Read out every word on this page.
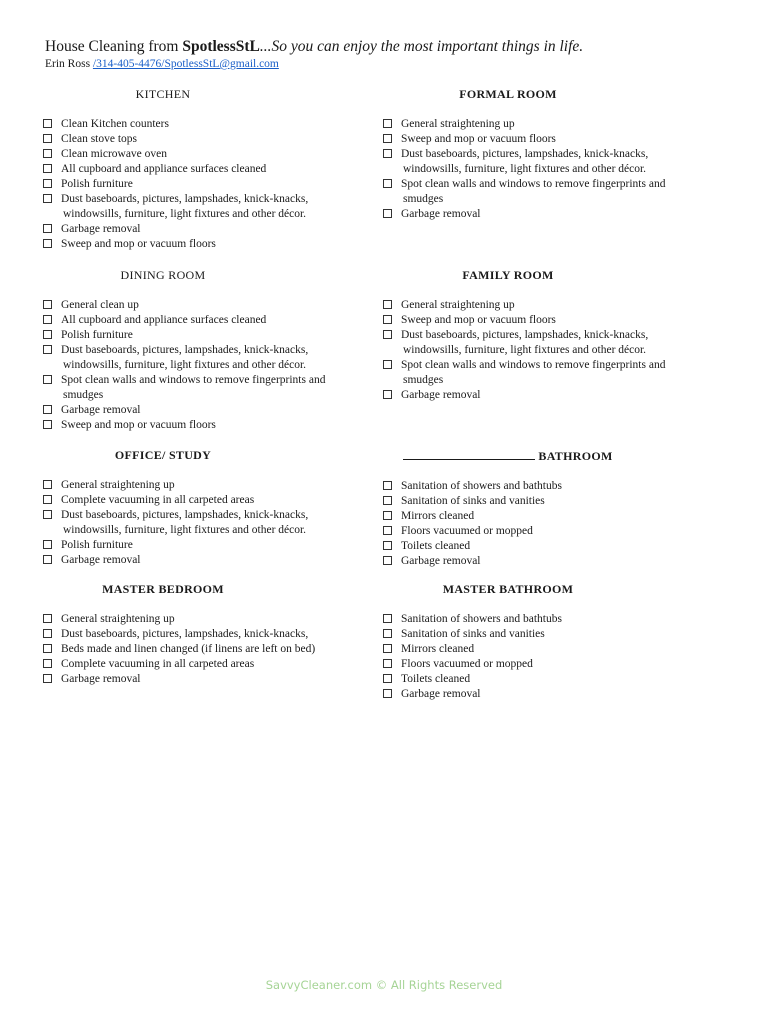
House Cleaning from SpotlessStL...So you can enjoy the most important things in life.
Erin Ross /314-405-4476/SpotlessStL@gmail.com
KITCHEN
Clean Kitchen counters
Clean stove tops
Clean microwave oven
All cupboard and appliance surfaces cleaned
Polish furniture
Dust baseboards, pictures, lampshades, knick-knacks, windowsills, furniture, light fixtures and other décor.
Garbage removal
Sweep and mop or vacuum floors
FORMAL ROOM
General straightening up
Sweep and mop or vacuum floors
Dust baseboards, pictures, lampshades, knick-knacks, windowsills, furniture, light fixtures and other décor.
Spot clean walls and windows to remove fingerprints and smudges
Garbage removal
DINING ROOM
General clean up
All cupboard and appliance surfaces cleaned
Polish furniture
Dust baseboards, pictures, lampshades, knick-knacks, windowsills, furniture, light fixtures and other décor.
Spot clean walls and windows to remove fingerprints and smudges
Garbage removal
Sweep and mop or vacuum floors
FAMILY ROOM
General straightening up
Sweep and mop or vacuum floors
Dust baseboards, pictures, lampshades, knick-knacks, windowsills, furniture, light fixtures and other décor.
Spot clean walls and windows to remove fingerprints and smudges
Garbage removal
OFFICE/ STUDY
General straightening up
Complete vacuuming in all carpeted areas
Dust baseboards, pictures, lampshades, knick-knacks, windowsills, furniture, light fixtures and other décor.
Polish furniture
Garbage removal
BATHROOM
Sanitation of showers and bathtubs
Sanitation of sinks and vanities
Mirrors cleaned
Floors vacuumed or mopped
Toilets cleaned
Garbage removal
MASTER BEDROOM
General straightening up
Dust baseboards, pictures, lampshades, knick-knacks,
Beds made and linen changed (if linens are left on bed)
Complete vacuuming in all carpeted areas
Garbage removal
MASTER BATHROOM
Sanitation of showers and bathtubs
Sanitation of sinks and vanities
Mirrors cleaned
Floors vacuumed or mopped
Toilets cleaned
Garbage removal
SavvyCleaner.com © All Rights Reserved
